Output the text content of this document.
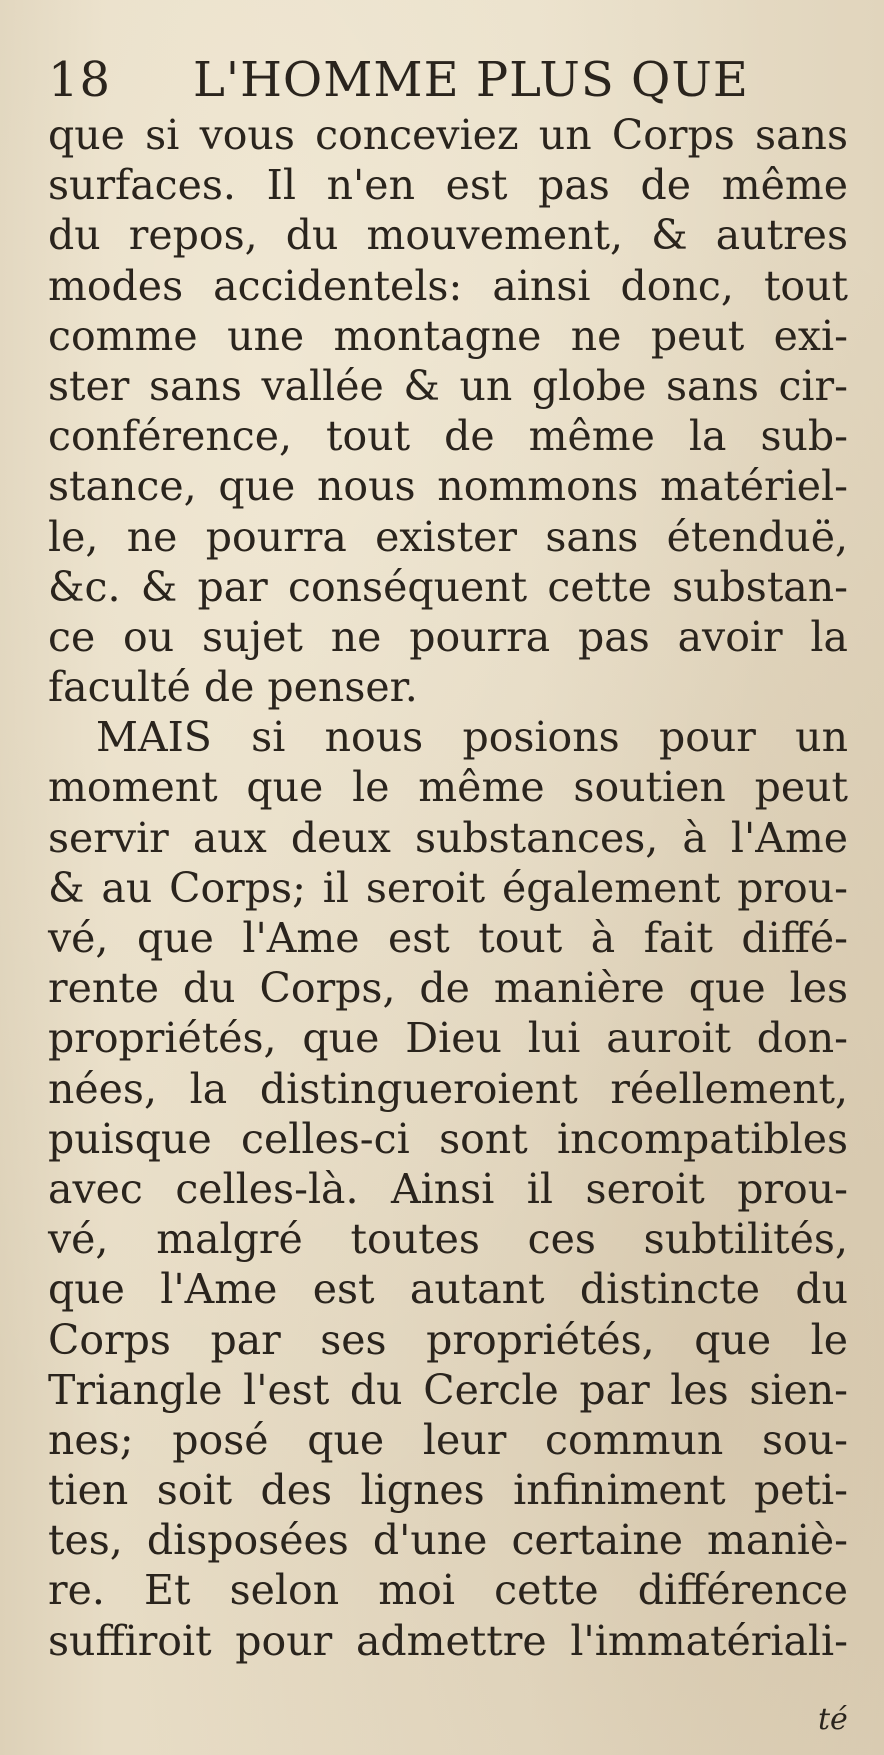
18 L'HOMME PLUS QUE
que si vous conceviez un Corps sans
surfaces. Il n'en est pas de même
du repos, du mouvement, & autres
modes accidentels: ainsi donc, tout
comme une montagne ne peut exi-
ster sans vallée & un globe sans cir-
conférence, tout de même la sub-
stance, que nous nommons matériel-
le, ne pourra exister sans étenduë,
&c. & par conséquent cette substan-
ce ou sujet ne pourra pas avoir la
faculté de penser.
MAIS si nous posions pour un
moment que le même soutien peut
servir aux deux substances, à l'Ame
& au Corps; il seroit également prou-
vé, que l'Ame est tout à fait diffé-
rente du Corps, de manière que les
propriétés, que Dieu lui auroit don-
nées, la distingueroient réellement,
puisque celles-ci sont incompatibles
avec celles-là. Ainsi il seroit prou-
vé, malgré toutes ces subtilités,
que l'Ame est autant distincte du
Corps par ses propriétés, que le
Triangle l'est du Cercle par les sien-
nes; posé que leur commun sou-
tien soit des lignes infiniment peti-
tes, disposées d'une certaine maniè-
re. Et selon moi cette différence
suffiroit pour admettre l'immatériali-
té
